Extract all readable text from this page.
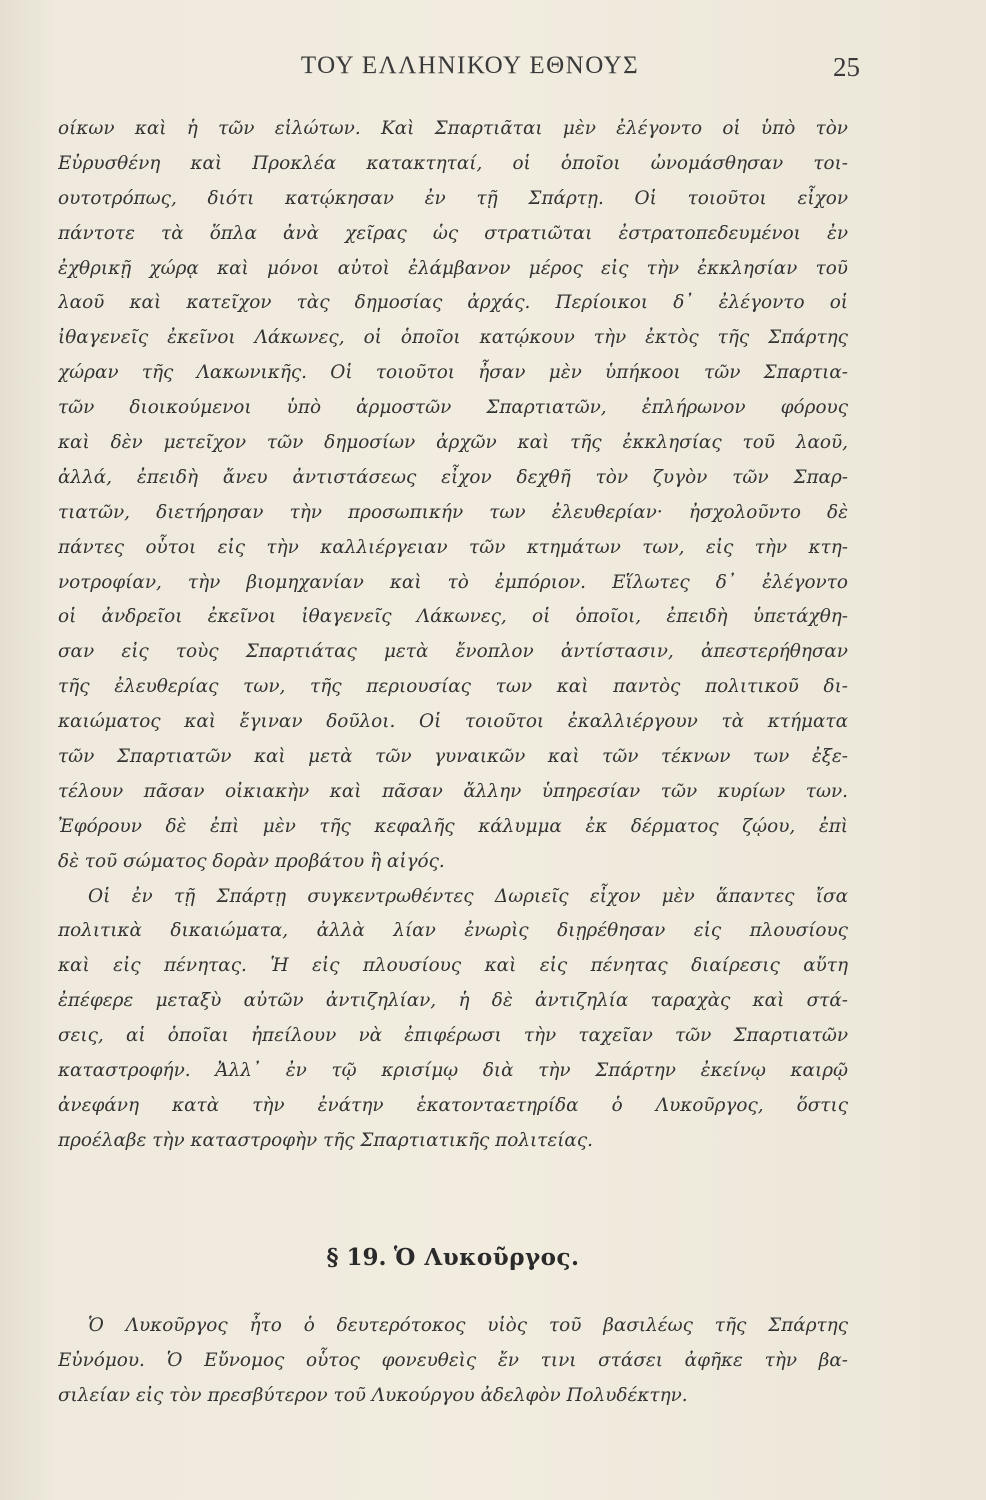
ΤΟΥ ΕΛΛΗΝΙΚΟΥ ΕΘΝΟΥΣ	25
οίκων καὶ ἡ τῶν εἱλώτων. Καὶ Σπαρτιᾶται μὲν ἐλέγοντο οἱ ὑπὸ τὸν
Εὐρυσθένη καὶ Προκλέα κατακτηταί, οἱ ὁποῖοι ὠνομάσθησαν τοι-
ουτοτρόπως, διότι κατῴκησαν ἐν τῇ Σπάρτῃ. Οἱ τοιοῦτοι εἶχον
πάντοτε τὰ ὅπλα ἀνὰ χεῖρας ὡς στρατιῶται ἐστρατοπεδευμένοι ἐν
ἐχθρικῇ χώρᾳ καὶ μόνοι αὐτοὶ ἐλάμβανον μέρος εἰς τὴν ἐκκλησίαν τοῦ
λαοῦ καὶ κατεῖχον τὰς δημοσίας ἀρχάς. Περίοικοι δ᾽ ἐλέγοντο οἱ
ἰθαγενεῖς ἐκεῖνοι Λάκωνες, οἱ ὁποῖοι κατῴκουν τὴν ἐκτὸς τῆς Σπάρτης
χώραν τῆς Λακωνικῆς. Οἱ τοιοῦτοι ἦσαν μὲν ὑπήκοοι τῶν Σπαρτια-
τῶν διοικούμενοι ὑπὸ ἁρμοστῶν Σπαρτιατῶν, ἐπλήρωνον φόρους
καὶ δὲν μετεῖχον τῶν δημοσίων ἀρχῶν καὶ τῆς ἐκκλησίας τοῦ λαοῦ,
ἀλλά, ἐπειδὴ ἄνευ ἀντιστάσεως εἶχον δεχθῆ τὸν ζυγὸν τῶν Σπαρ-
τιατῶν, διετήρησαν τὴν προσωπικήν των ἐλευθερίαν· ἠσχολοῦντο δὲ
πάντες οὗτοι εἰς τὴν καλλιέργειαν τῶν κτημάτων των, εἰς τὴν κτη-
νοτροφίαν, τὴν βιομηχανίαν καὶ τὸ ἐμπόριον. Εἵλωτες δ᾽ ἐλέγοντο
οἱ ἀνδρεῖοι ἐκεῖνοι ἰθαγενεῖς Λάκωνες, οἱ ὁποῖοι, ἐπειδὴ ὑπετάχθη-
σαν εἰς τοὺς Σπαρτιάτας μετὰ ἔνοπλον ἀντίστασιν, ἀπεστερήθησαν
τῆς ἐλευθερίας των, τῆς περιουσίας των καὶ παντὸς πολιτικοῦ δι-
καιώματος καὶ ἔγιναν δοῦλοι. Οἱ τοιοῦτοι ἐκαλλιέργουν τὰ κτήματα
τῶν Σπαρτιατῶν καὶ μετὰ τῶν γυναικῶν καὶ τῶν τέκνων των ἐξε-
τέλουν πᾶσαν οἰκιακὴν καὶ πᾶσαν ἄλλην ὑπηρεσίαν τῶν κυρίων των.
Ἐφόρουν δὲ ἐπὶ μὲν τῆς κεφαλῆς κάλυμμα ἐκ δέρματος ζῴου, ἐπὶ
δὲ τοῦ σώματος δορὰν προβάτου ἢ αἰγός.
Οἱ ἐν τῇ Σπάρτῃ συγκεντρωθέντες Δωριεῖς εἶχον μὲν ἅπαντες ἴσα
πολιτικὰ δικαιώματα, ἀλλὰ λίαν ἐνωρὶς διῃρέθησαν εἰς πλουσίους
καὶ εἰς πένητας. Ἡ εἰς πλουσίους καὶ εἰς πένητας διαίρεσις αὕτη
ἐπέφερε μεταξὺ αὐτῶν ἀντιζηλίαν, ἡ δὲ ἀντιζηλία ταραχὰς καὶ στά-
σεις, αἱ ὁποῖαι ἠπείλουν νὰ ἐπιφέρωσι τὴν ταχεῖαν τῶν Σπαρτιατῶν
καταστροφήν. Ἀλλ᾽ ἐν τῷ κρισίμῳ διὰ τὴν Σπάρτην ἐκείνῳ καιρῷ
ἀνεφάνη κατὰ τὴν ἐνάτην ἑκατονταετηρίδα ὁ Λυκοῦργος, ὅστις
προέλαβε τὴν καταστροφὴν τῆς Σπαρτιατικῆς πολιτείας.
§ 19. Ὁ Λυκοῦργος.
Ὁ Λυκοῦργος ἦτο ὁ δευτερότοκος υἱὸς τοῦ βασιλέως τῆς Σπάρτης
Εὐνόμου. Ὁ Εὔνομος οὗτος φονευθεὶς ἔν τινι στάσει ἀφῆκε τὴν βα-
σιλείαν εἰς τὸν πρεσβύτερον τοῦ Λυκούργου ἀδελφὸν Πολυδέκτην.
